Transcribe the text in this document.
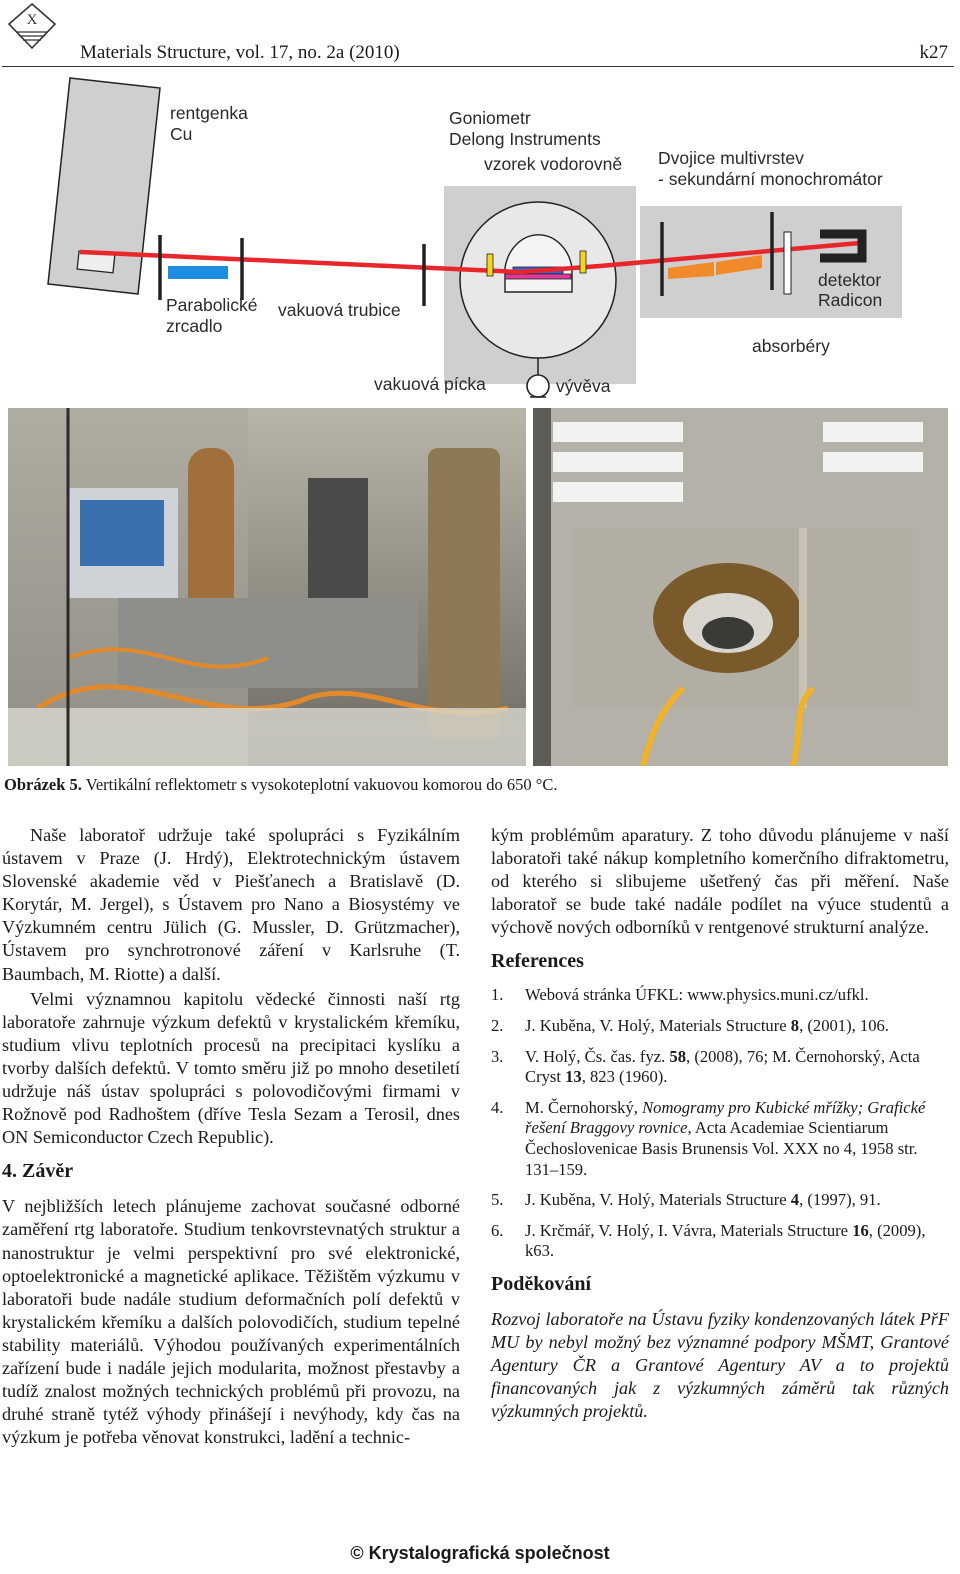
X
Materials Structure, vol. 17, no. 2a (2010)	k27
rentgenka
Cu
Goniometr
Delong Instruments
vzorek vodorovně Dvojice multivrstev
- sekundární monochromátor
Parabolické
zrcadlo
vakuová trubice
detektor
Radicon
absorbéry
vakuová pícka	vývěva
Obrázek 5. Vertikální reflektometr s vysokoteplotní vakuovou komorou do 650 °C.

Naše laboratoř udržuje také spolupráci s Fyzikálním ústavem v Praze (J. Hrdý), Elektrotechnickým ústavem Slovenské akademie věd v Piešťanech a Bratislavě (D. Korytár, M. Jergel), s Ústavem pro Nano a Biosystémy ve Výzkumném centru Jülich (G. Mussler, D. Grützmacher), Ústavem pro synchrotronové záření v Karlsruhe (T. Baumbach, M. Riotte) a další.

Velmi významnou kapitolu vědecké činnosti naší rtg laboratoře zahrnuje výzkum defektů v krystalickém křemíku, studium vlivu teplotních procesů na precipitaci kyslíku a tvorby dalších defektů. V tomto směru již po mnoho desetiletí udržuje náš ústav spolupráci s polovodičovými firmami v Rožnově pod Radhoštem (dříve Tesla Sezam a Terosil, dnes ON Semiconductor Czech Republic).

4. Závěr

V nejbližších letech plánujeme zachovat současné odborné zaměření rtg laboratoře. Studium tenkovrstevnatých struktur a nanostruktur je velmi perspektivní pro své elektronické, optoelektronické a magnetické aplikace. Těžištěm výzkumu v laboratoři bude nadále studium deformačních polí defektů v krystalickém křemíku a dalších polovodičích, studium tepelné stability materiálů. Výhodou používaných experimentálních zařízení bude i nadále jejich modularita, možnost přestavby a tudíž znalost možných technických problémů při provozu, na druhé straně tytéž výhody přinášejí i nevýhody, kdy čas na výzkum je potřeba věnovat konstrukci, ladění a technic-

kým problémům aparatury. Z toho důvodu plánujeme v naší laboratoři také nákup kompletního komerčního difraktometru, od kterého si slibujeme ušetřený čas při měření. Naše laboratoř se bude také nadále podílet na výuce studentů a výchově nových odborníků v rentgenové strukturní analýze.

References
1. Webová stránka ÚFKL: www.physics.muni.cz/ufkl.
2. J. Kuběna, V. Holý, Materials Structure 8, (2001), 106.
3. V. Holý, Čs. čas. fyz. 58, (2008), 76; M. Černohorský, Acta Cryst 13, 823 (1960).
4. M. Černohorský, Nomogramy pro Kubické mřížky; Grafické řešení Braggovy rovnice, Acta Academiae Scientiarum Čechoslovenicae Basis Brunensis Vol. XXX no 4, 1958 str. 131–159.
5. J. Kuběna, V. Holý, Materials Structure 4, (1997), 91.
6. J. Krčmář, V. Holý, I. Vávra, Materials Structure 16, (2009), k63.
Poděkování

Rozvoj laboratoře na Ústavu fyziky kondenzovaných látek PřF MU by nebyl možný bez významné podpory MŠMT, Grantové Agentury ČR a Grantové Agentury AV a to projektů financovaných jak z výzkumných záměrů tak různých výzkumných projektů.

© Krystalografická společnost
